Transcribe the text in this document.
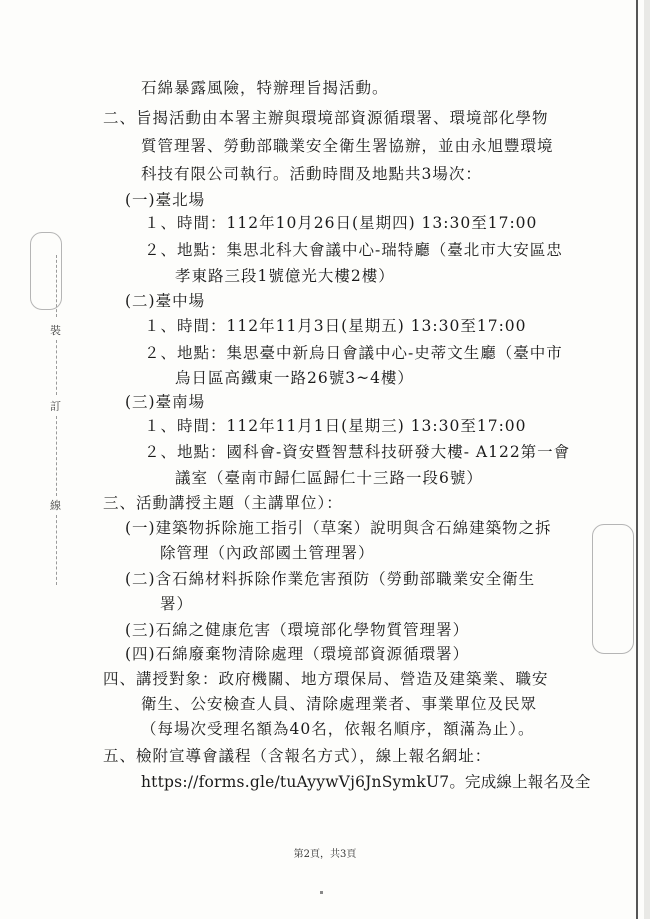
裝
訂
線
石綿暴露風險，特辦理旨揭活動。
二、旨揭活動由本署主辦與環境部資源循環署、環境部化學物
質管理署、勞動部職業安全衛生署協辦，並由永旭豐環境
科技有限公司執行。活動時間及地點共3場次：
(一)臺北場
１、時間：112年10月26日(星期四) 13:30至17:00
２、地點：集思北科大會議中心-瑞特廳（臺北市大安區忠
孝東路三段1號億光大樓2樓）
(二)臺中場
１、時間：112年11月3日(星期五) 13:30至17:00
２、地點：集思臺中新烏日會議中心-史蒂文生廳（臺中市
烏日區高鐵東一路26號3~4樓）
(三)臺南場
１、時間：112年11月1日(星期三) 13:30至17:00
２、地點：國科會-資安暨智慧科技研發大樓- A122第一會
議室（臺南市歸仁區歸仁十三路一段6號）
三、活動講授主題（主講單位）：
(一)建築物拆除施工指引（草案）說明與含石綿建築物之拆
除管理（內政部國土管理署）
(二)含石綿材料拆除作業危害預防（勞動部職業安全衛生
署）
(三)石綿之健康危害（環境部化學物質管理署）
(四)石綿廢棄物清除處理（環境部資源循環署）
四、講授對象：政府機關、地方環保局、營造及建築業、職安
衛生、公安檢查人員、清除處理業者、事業單位及民眾
（每場次受理名額為40名，依報名順序，額滿為止）。
五、檢附宣導會議程（含報名方式），線上報名網址：
https://forms.gle/tuAyywVj6JnSymkU7。完成線上報名及全
第2頁，共3頁
